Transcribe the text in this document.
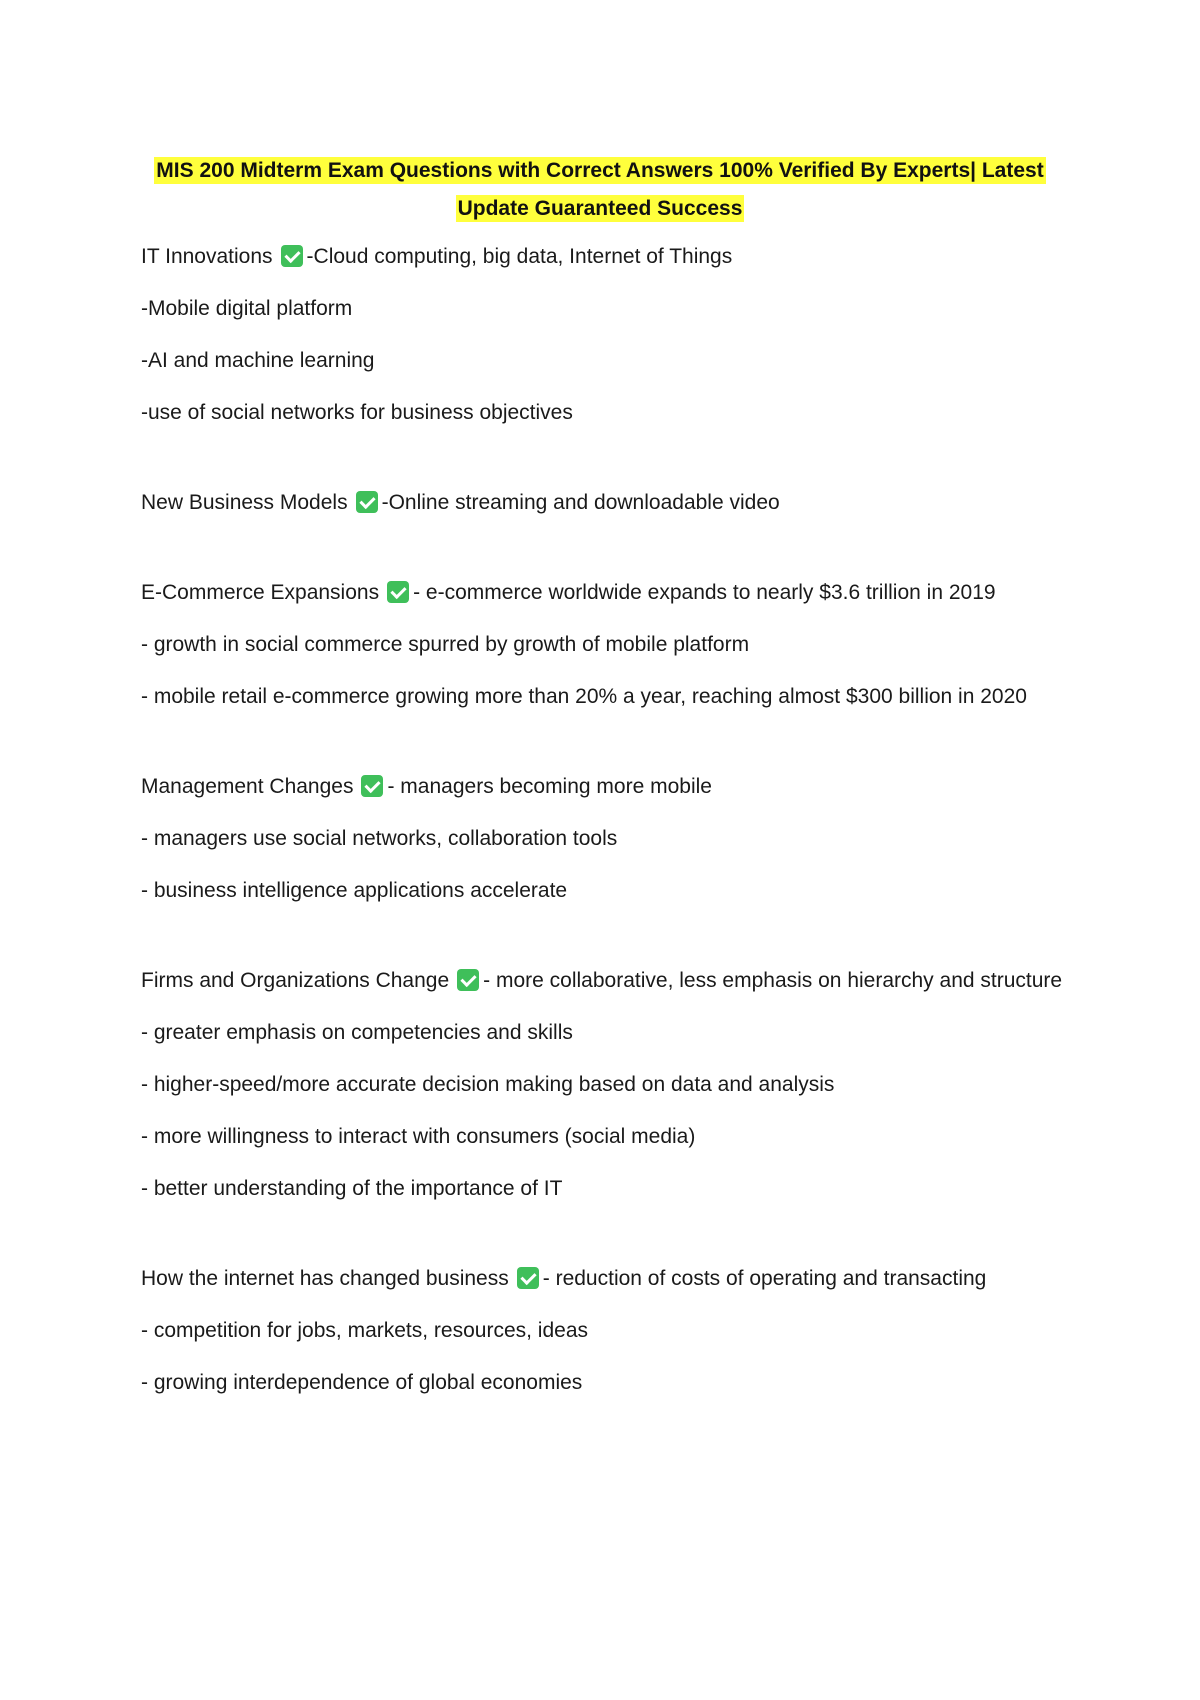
MIS 200 Midterm Exam Questions with Correct Answers 100% Verified By Experts| Latest Update Guaranteed Success
IT Innovations -Cloud computing, big data, Internet of Things
-Mobile digital platform
-AI and machine learning
-use of social networks for business objectives
New Business Models -Online streaming and downloadable video
E-Commerce Expansions - e-commerce worldwide expands to nearly $3.6 trillion in 2019
- growth in social commerce spurred by growth of mobile platform
- mobile retail e-commerce growing more than 20% a year, reaching almost $300 billion in 2020
Management Changes - managers becoming more mobile
- managers use social networks, collaboration tools
- business intelligence applications accelerate
Firms and Organizations Change - more collaborative, less emphasis on hierarchy and structure
- greater emphasis on competencies and skills
- higher-speed/more accurate decision making based on data and analysis
- more willingness to interact with consumers (social media)
- better understanding of the importance of IT
How the internet has changed business - reduction of costs of operating and transacting
- competition for jobs, markets, resources, ideas
- growing interdependence of global economies
